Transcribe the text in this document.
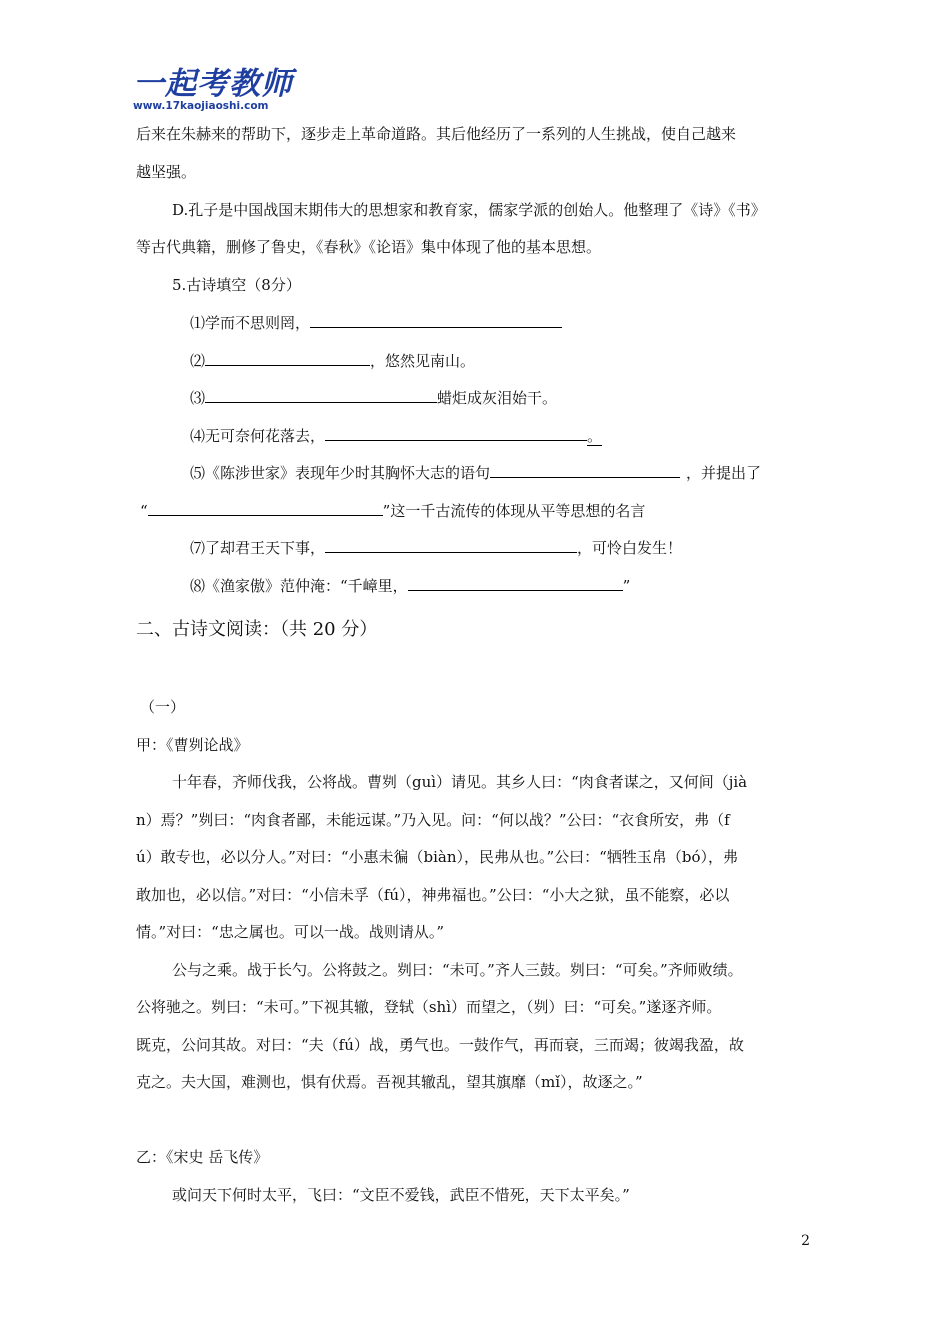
一起考教师
www.17kaojiaoshi.com
后来在朱赫来的帮助下，逐步走上革命道路。其后他经历了一系列的人生挑战，使自己越来
越坚强。
D.孔子是中国战国末期伟大的思想家和教育家，儒家学派的创始人。他整理了《诗》《书》
等古代典籍，删修了鲁史，《春秋》《论语》集中体现了他的基本思想。
5.古诗填空（8分）
⑴学而不思则罔，
⑵	，悠然见南山。
⑶	蜡炬成灰泪始干。
⑷无可奈何花落去，	。
⑸《陈涉世家》表现年少时其胸怀大志的语句	，并提出了
“	”这一千古流传的体现从平等思想的名言
⑺了却君王天下事，	，可怜白发生！
⑻《渔家傲》范仲淹：“千嶂里，	”
二、古诗文阅读：（共 20 分）
（一）
甲：《曹刿论战》
十年春，齐师伐我，公将战。曹刿（guì）请见。其乡人曰：“肉食者谋之，又何间（jià
n）焉？”刿曰：“肉食者鄙，未能远谋。”乃入见。问：“何以战？”公曰：“衣食所安，弗（f
ú）敢专也，必以分人。”对曰：“小惠未徧（biàn），民弗从也。”公曰：“牺牲玉帛（bó），弗
敢加也，必以信。”对曰：“小信未孚（fú），神弗福也。”公曰：“小大之狱，虽不能察，必以
情。”对曰：“忠之属也。可以一战。战则请从。”
公与之乘。战于长勺。公将鼓之。刿曰：“未可。”齐人三鼓。刿曰：“可矣。”齐师败绩。
公将驰之。刿曰：“未可。”下视其辙，登轼（shì）而望之，（刿）曰：“可矣。”遂逐齐师。
既克，公问其故。对曰：“夫（fú）战，勇气也。一鼓作气，再而衰，三而竭；彼竭我盈，故
克之。夫大国，难测也，惧有伏焉。吾视其辙乱，望其旗靡（mǐ），故逐之。”
乙：《宋史 岳飞传》
或问天下何时太平，飞曰：“文臣不爱钱，武臣不惜死，天下太平矣。”
2
